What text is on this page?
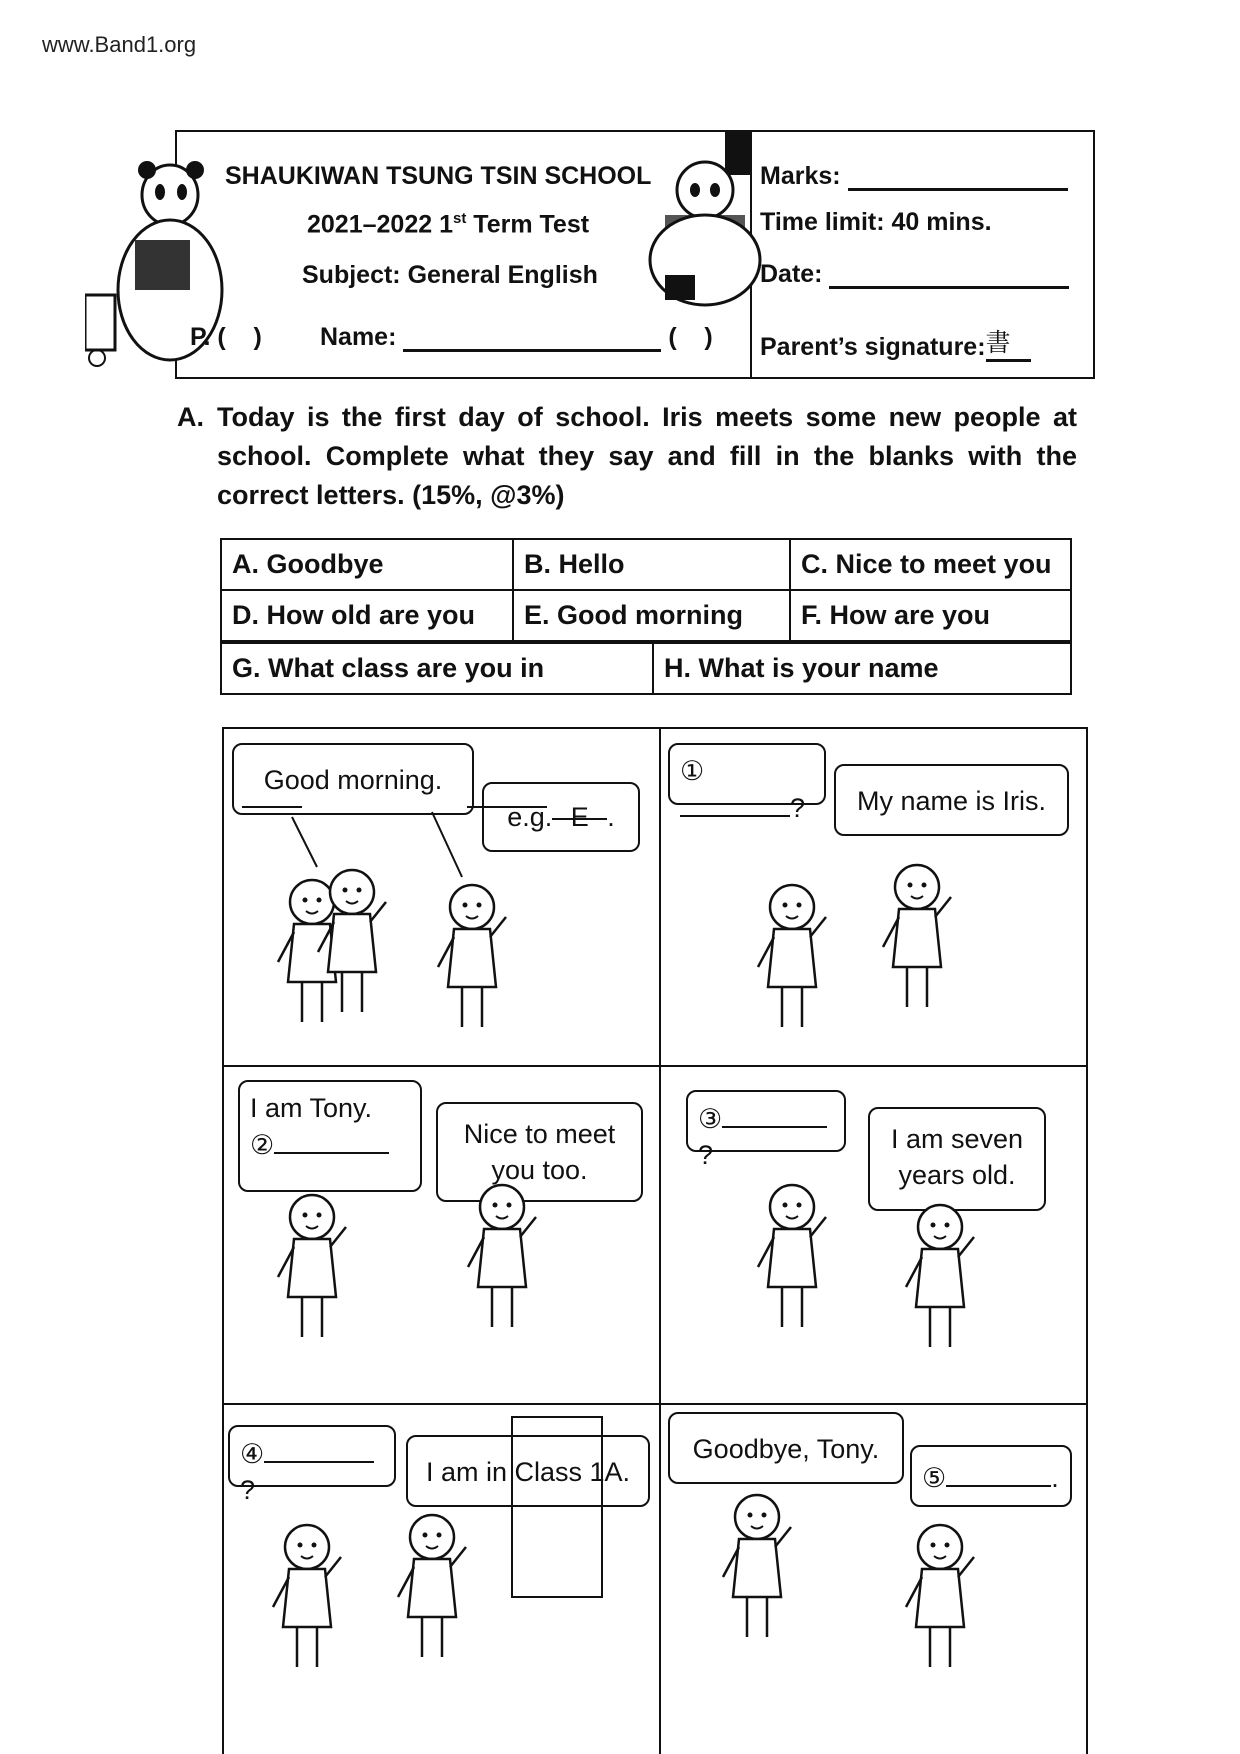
www.Band1.org
SHAUKIWAN TSUNG TSIN SCHOOL
2021–2022 1st Term Test
Subject: General English
P. (    ) Name:	(    )
Marks:
Time limit: 40 mins.
Date:
Parent’s signature:書
A. Today is the first day of school. Iris meets some new people at school. Complete what they say and fill in the blanks with the correct letters. (15%, @3%)
A. Goodbye	B. Hello	C. Nice to meet you
D. How old are you	E. Good morning	F. How are you
G. What class are you in	H. What is your name
Good morning.
e.g. E .
①?	My name is Iris.
I am Tony.
②	Nice to meet you too.
③?
I am seven years old.
④?
I am in Class 1A.
Goodbye, Tony.
⑤	.
